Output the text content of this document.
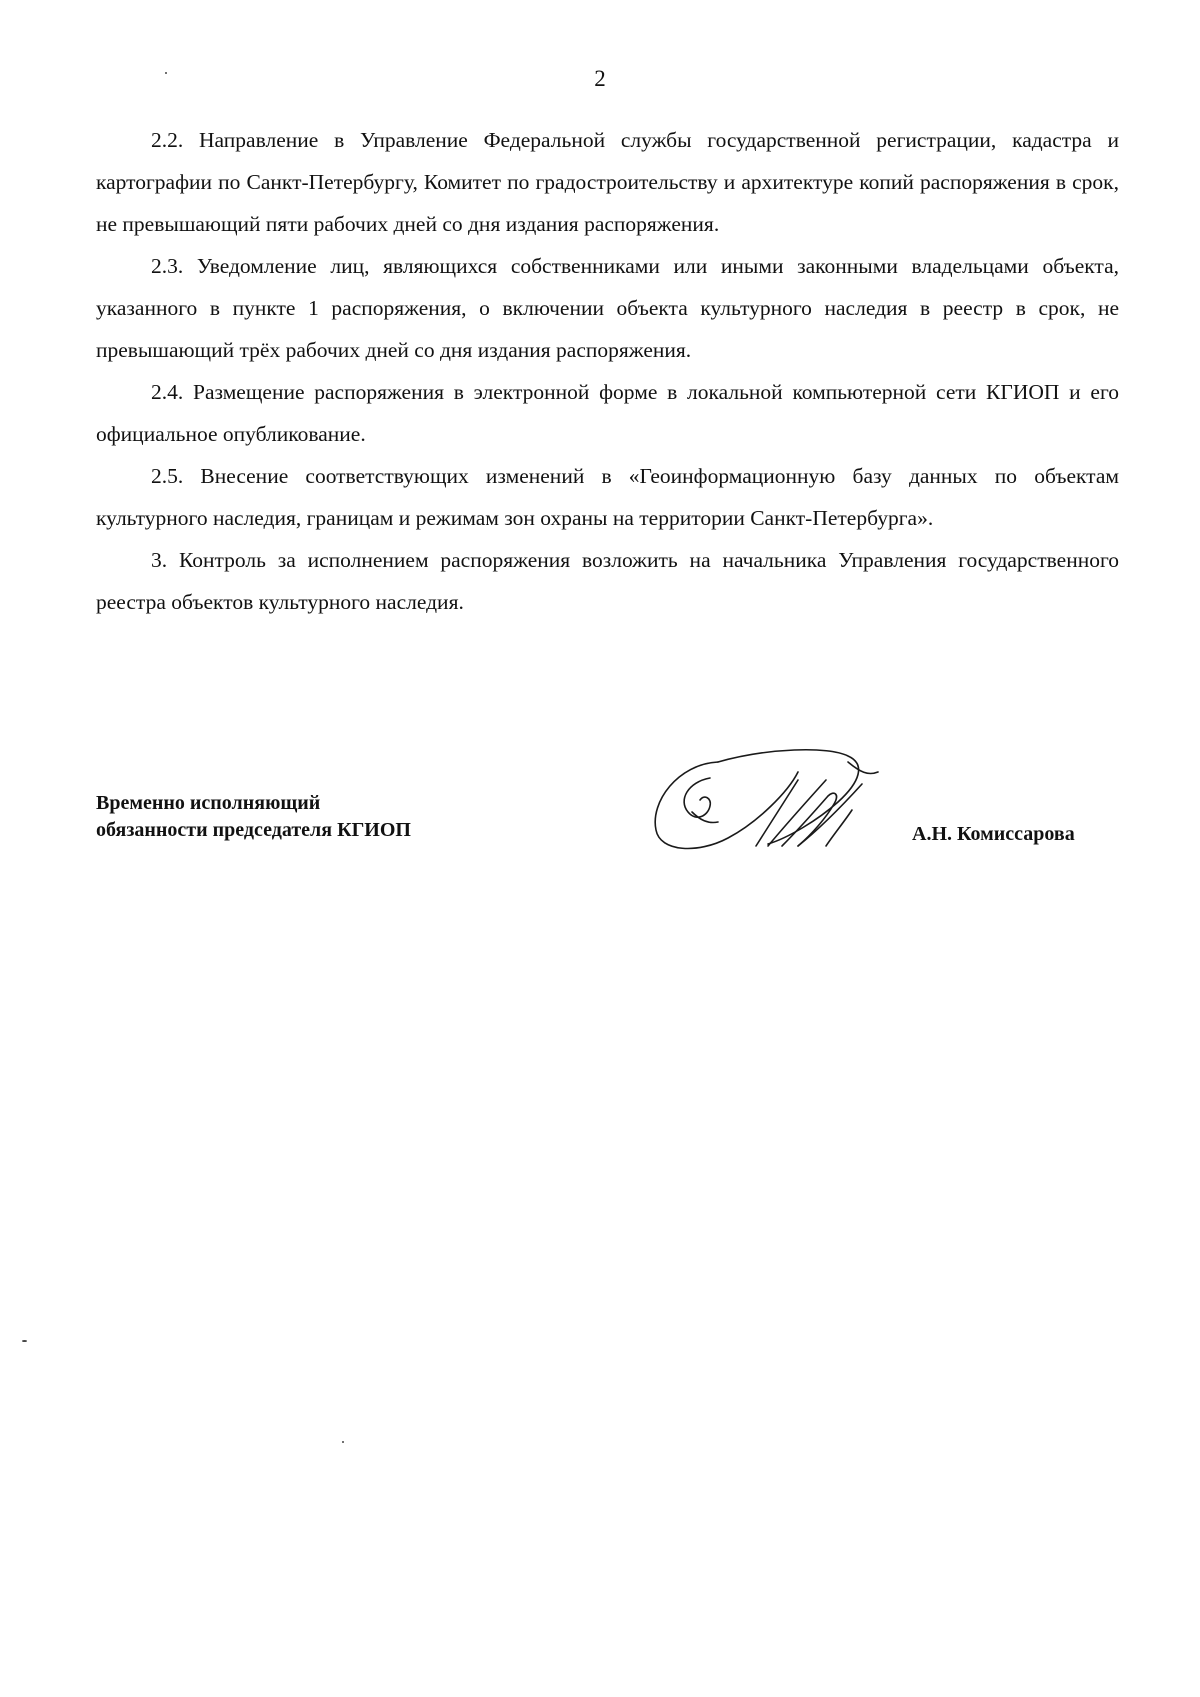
2

2.2. Направление в Управление Федеральной службы государственной регистрации, кадастра и картографии по Санкт-Петербургу, Комитет по градостроительству и архитектуре копий распоряжения в срок, не превышающий пяти рабочих дней со дня издания распоряжения.

2.3. Уведомление лиц, являющихся собственниками или иными законными владельцами объекта, указанного в пункте 1 распоряжения, о включении объекта культурного наследия в реестр в срок, не превышающий трёх рабочих дней со дня издания распоряжения.

2.4. Размещение распоряжения в электронной форме в локальной компьютерной сети КГИОП и его официальное опубликование.

2.5. Внесение соответствующих изменений в «Геоинформационную базу данных по объектам культурного наследия, границам и режимам зон охраны на территории Санкт-Петербурга».

3. Контроль за исполнением распоряжения возложить на начальника Управления государственного реестра объектов культурного наследия.

Временно исполняющий
обязанности председателя КГИОП	А.Н. Комиссарова
